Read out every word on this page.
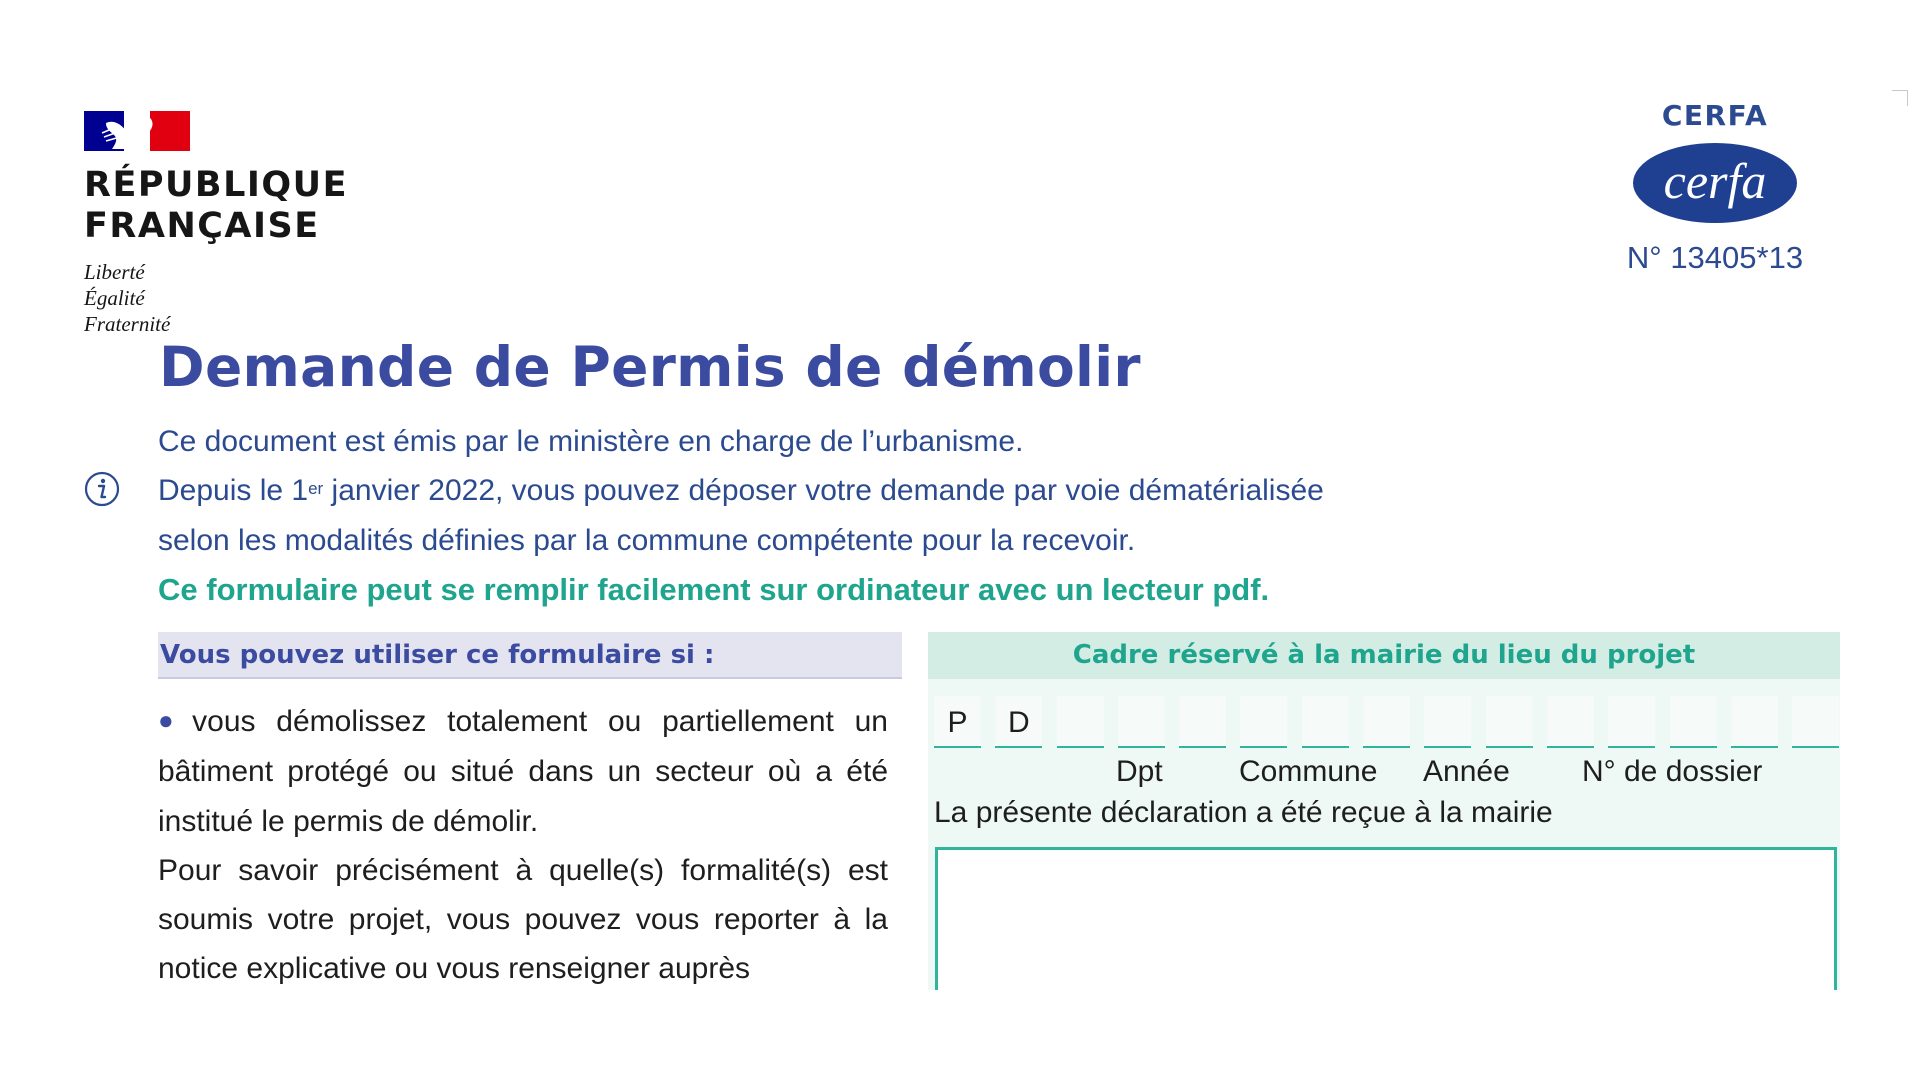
RÉPUBLIQUE
FRANÇAISE
Liberté
Égalité
Fraternité
CERFA
cerfa
N° 13405*13
Demande de Permis de démolir
Ce document est émis par le ministère en charge de l’urbanisme.
Depuis le 1er janvier 2022, vous pouvez déposer votre demande par voie dématérialisée
selon les modalités définies par la commune compétente pour la recevoir.
Ce formulaire peut se remplir facilement sur ordinateur avec un lecteur pdf.
Vous pouvez utiliser ce formulaire si :

● vous démolissez totalement ou partiellement un bâtiment protégé ou situé dans un secteur où a été institué le permis de démolir.

Pour savoir précisément à quelle(s) formalité(s) est soumis votre projet, vous pouvez vous reporter à la notice explicative ou vous renseigner auprès

Cadre réservé à la mairie du lieu du projet
P	D
Dpt	Commune Année N° de dossier
La présente déclaration a été reçue à la mairie
